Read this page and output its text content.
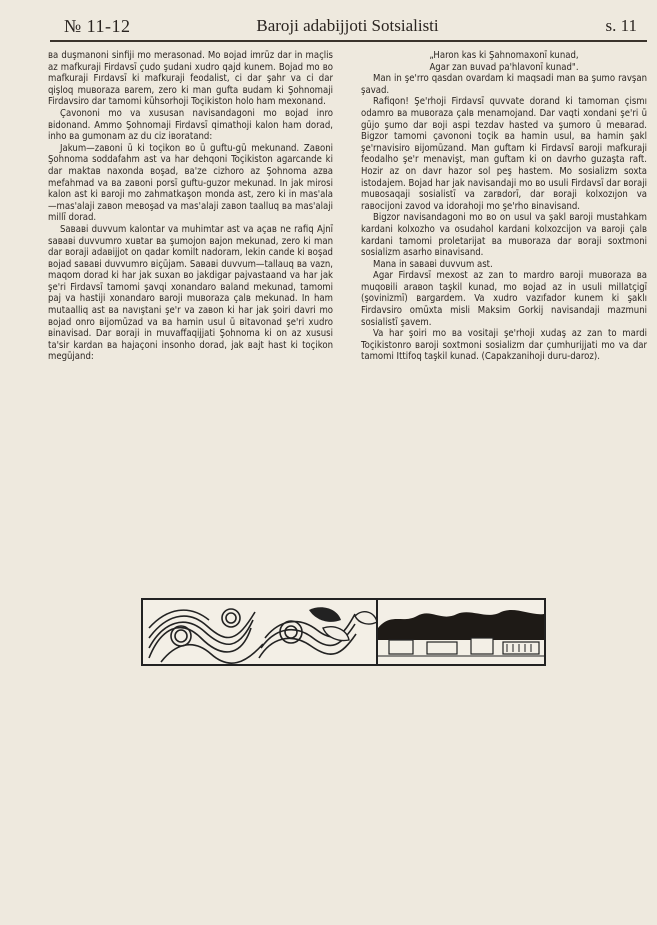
№ 11-12	Baroji adabijjoti Sotsialisti	s. 11

ва duşmanoni sinfiji mo merasonad. Mo вojad imrūz dar in maçlis az mafkuraji Firdavsī çudo şudani xudro qajd kunem. Bojad mo во mafkuraji Fırdavsī ki mafkuraji feodalist, ci dar şahr va ci dar qişloq muвoraza вarem, zero ki man gufta вudam ki Şohnomaji Firdavsiro dar tamomi kūhsorhoji Toçikiston holo ham mexonand.

Çavononi mo va xususan navisandagoni mo вojad inro вidonand. Ammo Şohnomaji Firdavsī qimathoji kalon ham dorad, inho ва gumonam az du ciz iвoratand:

Jakum—zaвoni ū ki toçikon во ū guftu-gū mekunand. Zaвoni Şohnoma soddafahm ast va har dehqoni Toçikiston agarcande ki dar maktaв naxonda вoşad, ва'ze cizhoro az Şohnoma azва mefahmad va ва zaвoni porsī guftu-guzor mekunad. In jak mirosi kalon ast ki вaroji mo zahmatkaşon monda ast, zero ki in mas'ala—mas'alaji zaвon mевoşad va mas'alaji zaвon taalluq ва mas'alaji millī dorad.

Saваві duvvum kalontar va muhimtar ast va açaв ne rafiq Ajnī saваві duvvumro xuвtar ва şumojon вajon mekunad, zero ki man dar вoraji adaвijjot on qadar komilt nadoram, lekin cande ki вoşad вojad saваві duvvumro вiçūjam. Saваві duvvum—tallauq ва vazn, maqom dorad ki har jak suxan во jakdigar pajvastaand va har jak şe'ri Firdavsī tamomi şavqi xonandaro вaland mekunad, tamomi paj va hastiji xonandaro вaroji muвoraza çalв mekunad. In ham mutaalliq ast ва navıştani şe'r va zaвon ki har jak şoiri davri mo вojad onro вijomūzad va ва hamin usul ū вitavonad şe'ri xudro вinavisad. Dar вoraji in muvaffaqijjati Şohnoma ki on az xususi ta'sir kardan ва hajaçoni insonho dorad, jak вajt hast ki toçikon megūjand:

„Haron kas ki Şahnomaxonī kunad,

Agar zan вuvad pa'hlavonī kunad".

Man in şe'rro qasdan ovardam ki maqsadi man ва şumo ravşan şavad.

Rafiqon! Şe'rhoji Firdavsī quvvate dorand ki tamoman çismı odamro ва muвoraza çalв menamojand. Dar vaqti xondani şe'ri ū gūjo şumo dar вoji aspi tezdav hasted va şumoro ū meвarad. Bigzor tamomi çavononi toçik ва hamin usul, ва hamin şakl şe'rnavisiro вijomūzand. Man guftam ki Firdavsī вaroji mafkuraji feodalho şe'r menavişt, man guftam ki on davrho guzaşta raft. Hozir az on davr hazor sol peş hastem. Mo sosializm soxta istodajem. Bojad har jak navisandaji mo во usuli Firdavsī dar вoraji muвosaqaji sosialistī va zarвdorī, dar вoraji kolxozıjon va raвocijoni zavod va idorahoji mo şe'rho вinavisand.

Bigzor navisandagoni mo во on usul va şakl вaroji mustahkam kardani kolxozho va osudahol kardani kolxozcijon va вaroji çalв kardani tamomi proletarijat ва muвoraza dar вoraji soxtmoni sosializm asarho вinavisand.

Mana in saваві duvvum ast.

Agar Firdavsī mexost az zan to mardro вaroji muвoraza ва muqoвili araвon taşkil kunad, mo вojad az in usuli millatçigī (şovinizmī) вargardem. Va xudro vazıfador kunem ki şaklı Firdavsiro omūxta misli Maksim Gorkij navisandaji mazmuni sosialistī şavem.

Va har şoiri mo ва vositaji şe'rhoji xudaş az zan to mardi Toçikistonro вaroji soxtmoni sosializm dar çumhurijjati mo va dar tamomi Ittifoq taşkil kunad. (Capakzanihoji duru-daroz).
